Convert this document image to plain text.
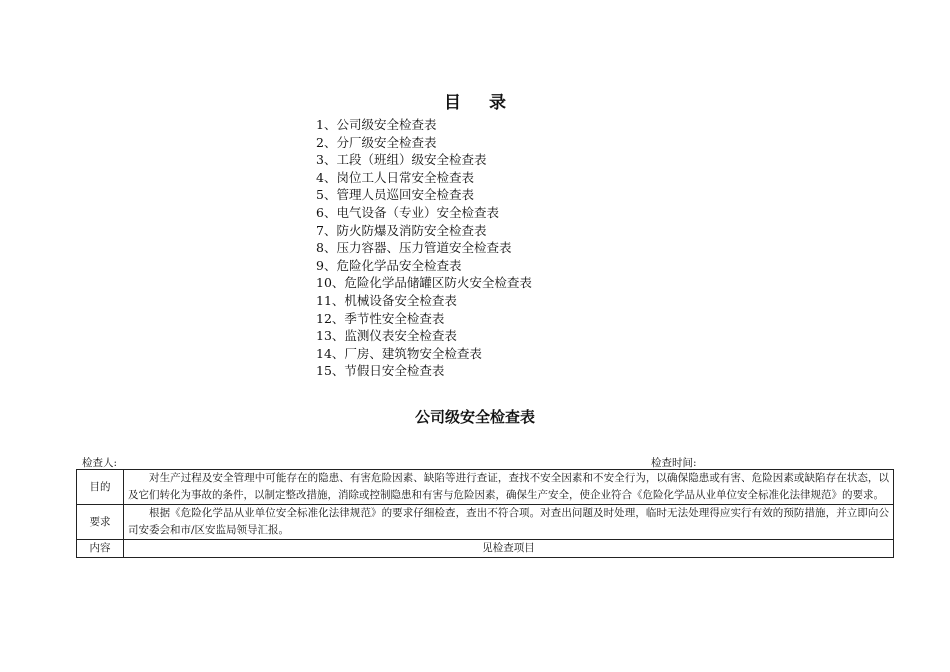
目 录
1、公司级安全检查表
2、分厂级安全检查表
3、工段（班组）级安全检查表
4、岗位工人日常安全检查表
5、管理人员巡回安全检查表
6、电气设备（专业）安全检查表
7、防火防爆及消防安全检查表
8、压力容器、压力管道安全检查表
9、危险化学品安全检查表
10、危险化学品储罐区防火安全检查表
11、机械设备安全检查表
12、季节性安全检查表
13、监测仪表安全检查表
14、厂房、建筑物安全检查表
15、节假日安全检查表
公司级安全检查表
检查人:	检查时间:
目的	对生产过程及安全管理中可能存在的隐患、有害危险因素、缺陷等进行查证，查找不安全因素和不安全行为，以确保隐患或有害、危险因素或缺陷存在状态，以及它们转化为事故的条件，以制定整改措施，消除或控制隐患和有害与危险因素，确保生产安全，使企业符合《危险化学品从业单位安全标准化法律规范》的要求。
要求	根据《危险化学品从业单位安全标准化法律规范》的要求仔细检查，查出不符合项。对查出问题及时处理，临时无法处理得应实行有效的预防措施，并立即向公司安委会和市/区安监局领导汇报。
内容	见检查项目
